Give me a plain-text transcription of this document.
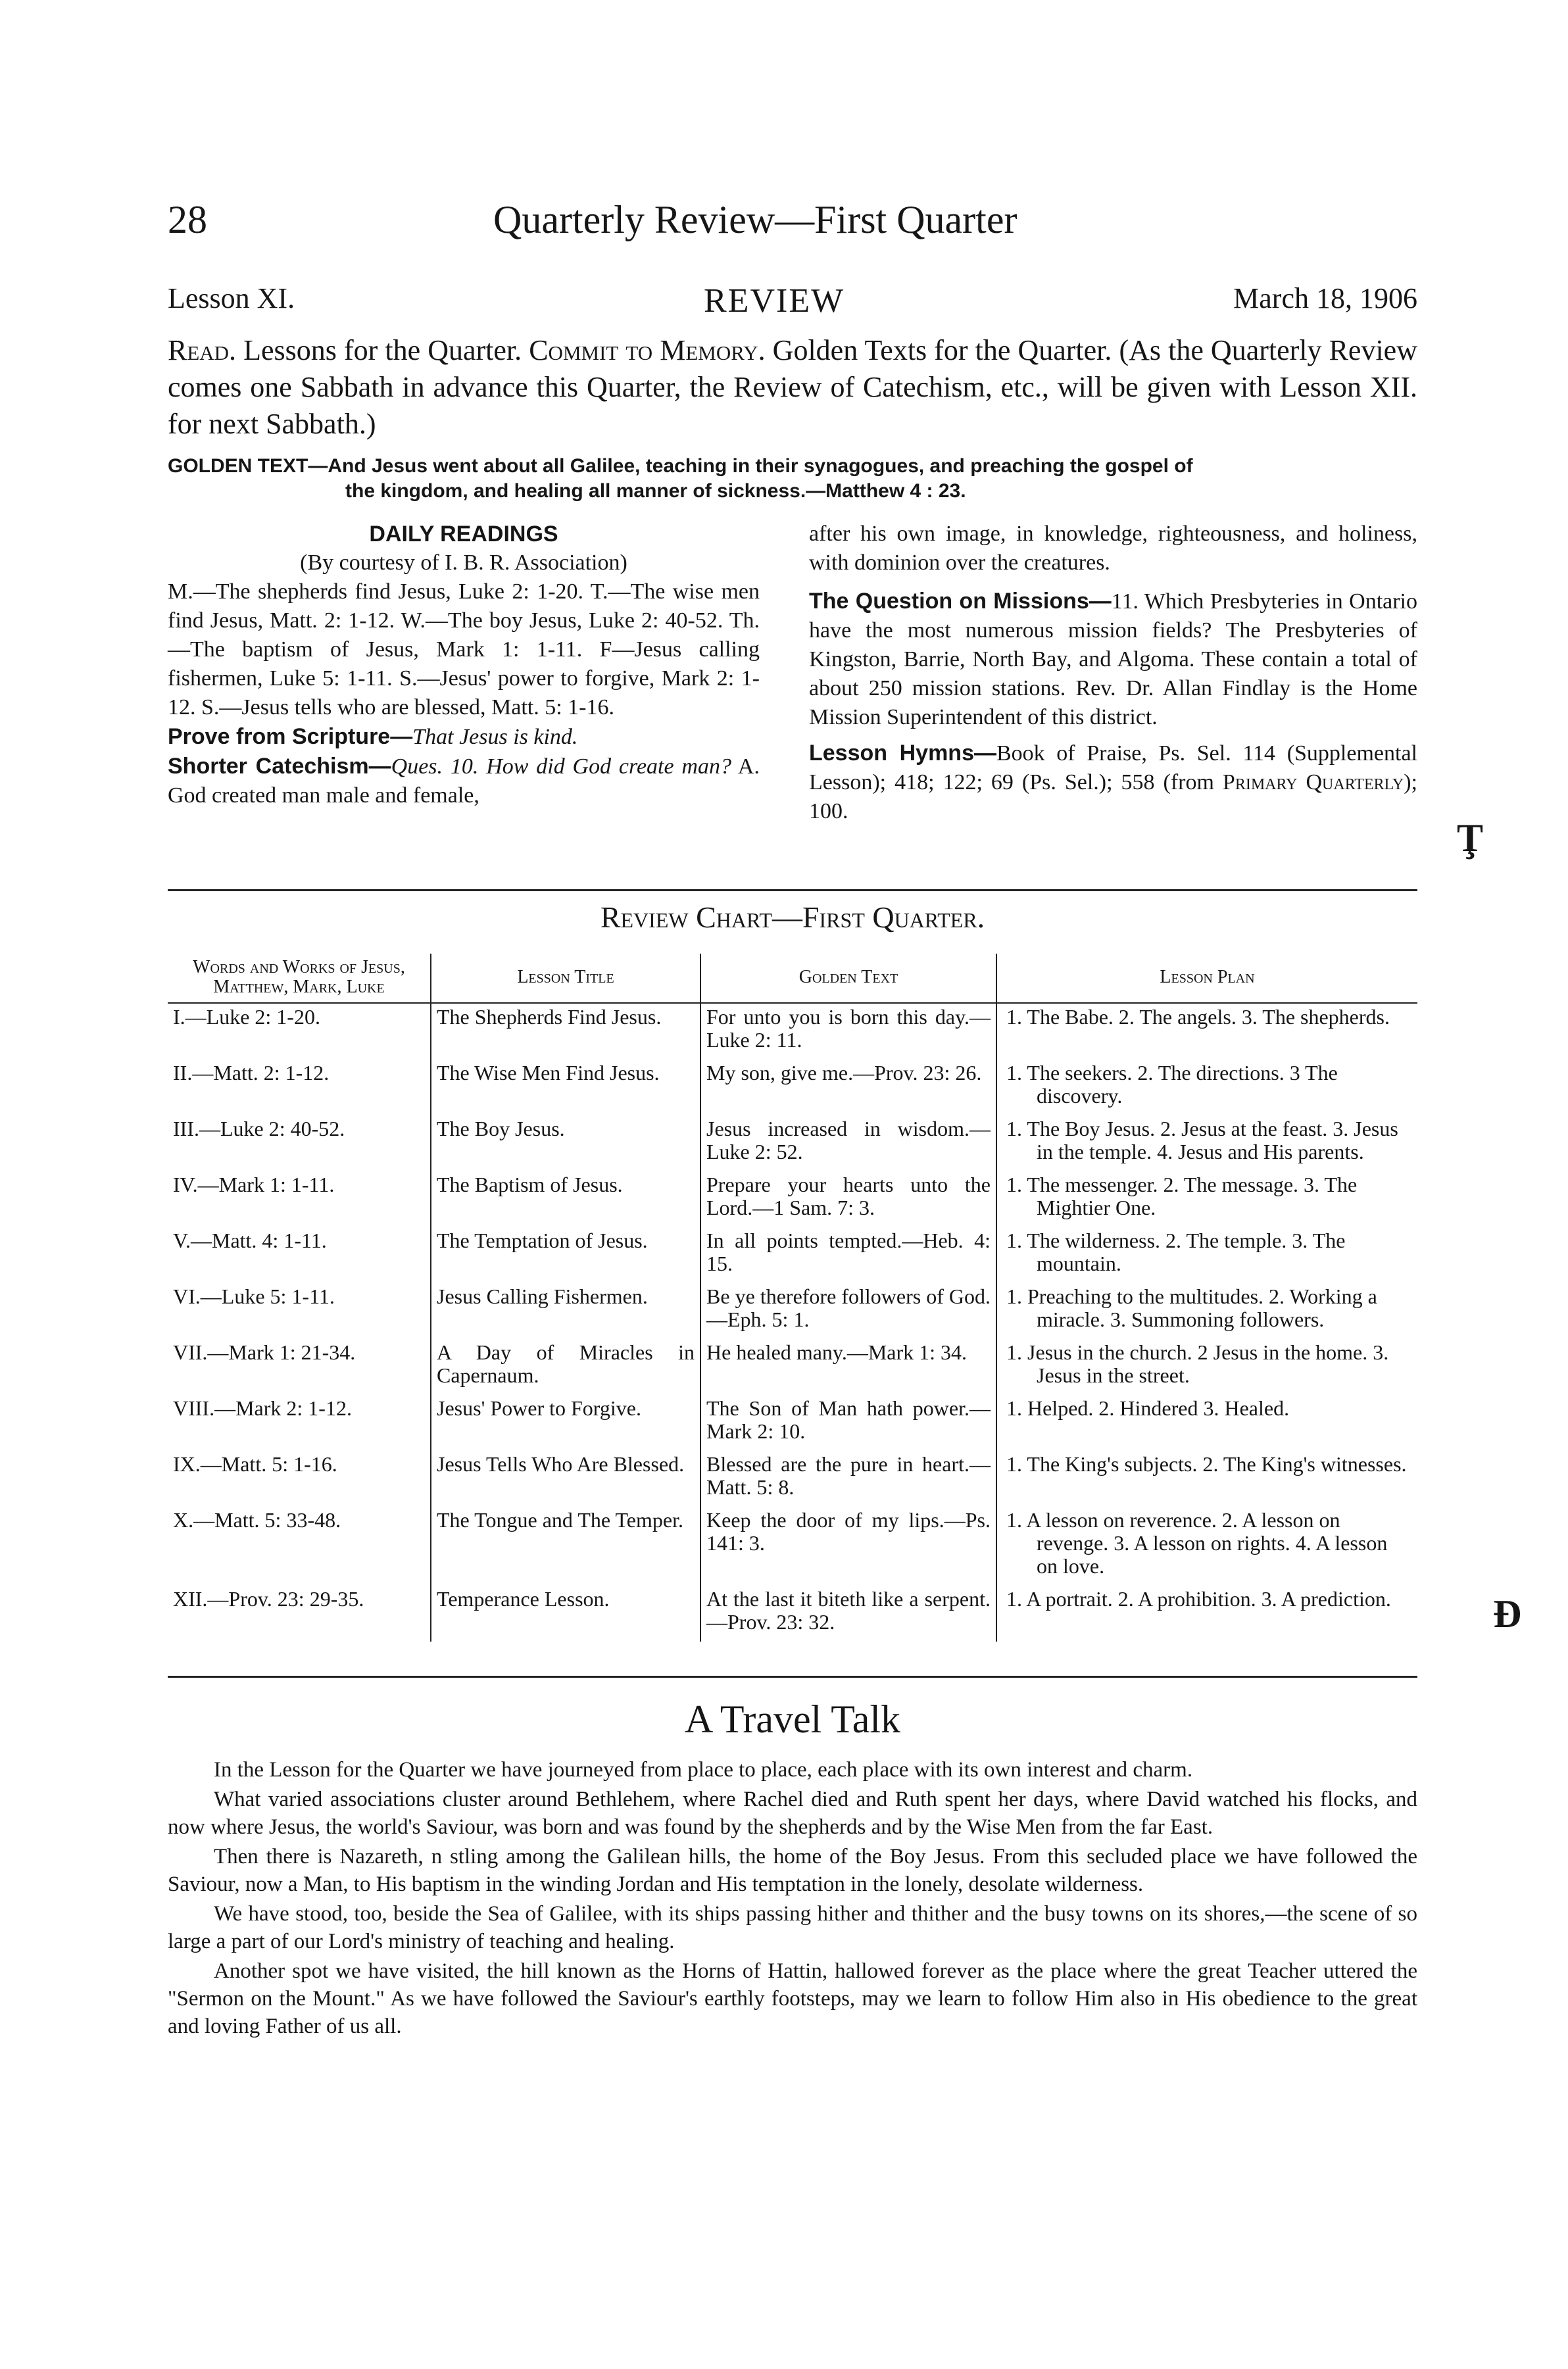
28	Quarterly Review—First Quarter
Lesson XI.	REVIEW	March 18, 1906
Read. Lessons for the Quarter. Commit to Memory. Golden Texts for the Quarter. (As the Quarterly Review comes one Sabbath in advance this Quarter, the Review of Catechism, etc., will be given with Lesson XII. for next Sabbath.)
GOLDEN TEXT—And Jesus went about all Galilee, teaching in their synagogues, and preaching the gospel of
the kingdom, and healing all manner of sickness.—Matthew 4 : 23.
DAILY READINGS
(By courtesy of I. B. R. Association)
M.—The shepherds find Jesus, Luke 2: 1-20. T.—The wise men find Jesus, Matt. 2: 1-12. W.—The boy Jesus, Luke 2: 40-52. Th.—The baptism of Jesus, Mark 1: 1-11. F—Jesus calling fishermen, Luke 5: 1-11. S.—Jesus' power to forgive, Mark 2: 1-12. S.—Jesus tells who are blessed, Matt. 5: 1-16.
Prove from Scripture—That Jesus is kind.
Shorter Catechism—Ques. 10. How did God create man? A. God created man male and female,
after his own image, in knowledge, righteousness, and holiness, with dominion over the creatures.
The Question on Missions—11. Which Presbyteries in Ontario have the most numerous mission fields? The Presbyteries of Kingston, Barrie, North Bay, and Algoma. These contain a total of about 250 mission stations. Rev. Dr. Allan Findlay is the Home Mission Superintendent of this district.
Lesson Hymns—Book of Praise, Ps. Sel. 114 (Supplemental Lesson); 418; 122; 69 (Ps. Sel.); 558 (from Primary Quarterly); 100.
Review Chart—First Quarter.
Words and Works of Jesus, Matthew, Mark, Luke	Lesson Title	Golden Text	Lesson Plan
I.—Luke 2: 1-20.	The Shepherds Find Jesus.	For unto you is born this day.—Luke 2: 11.	1. The Babe. 2. The angels. 3. The shepherds.
II.—Matt. 2: 1-12.	The Wise Men Find Jesus.	My son, give me.—Prov. 23: 26.	1. The seekers. 2. The directions. 3 The discovery.
III.—Luke 2: 40-52.	The Boy Jesus.	Jesus increased in wisdom.—Luke 2: 52.	1. The Boy Jesus. 2. Jesus at the feast. 3. Jesus in the temple. 4. Jesus and His parents.
IV.—Mark 1: 1-11.	The Baptism of Jesus.	Prepare your hearts unto the Lord.—1 Sam. 7: 3.	1. The messenger. 2. The message. 3. The Mightier One.
V.—Matt. 4: 1-11.	The Temptation of Jesus.	In all points tempted.—Heb. 4: 15.	1. The wilderness. 2. The temple. 3. The mountain.
VI.—Luke 5: 1-11.	Jesus Calling Fishermen.	Be ye therefore followers of God.—Eph. 5: 1.	1. Preaching to the multitudes. 2. Working a miracle. 3. Summoning followers.
VII.—Mark 1: 21-34.	A Day of Miracles in Capernaum.	He healed many.—Mark 1: 34.	1. Jesus in the church. 2 Jesus in the home. 3. Jesus in the street.
VIII.—Mark 2: 1-12.	Jesus' Power to Forgive.	The Son of Man hath power.—Mark 2: 10.	1. Helped. 2. Hindered 3. Healed.
IX.—Matt. 5: 1-16.	Jesus Tells Who Are Blessed.	Blessed are the pure in heart.—Matt. 5: 8.	1. The King's subjects. 2. The King's witnesses.
X.—Matt. 5: 33-48.	The Tongue and The Temper.	Keep the door of my lips.—Ps. 141: 3.	1. A lesson on reverence. 2. A lesson on revenge. 3. A lesson on rights. 4. A lesson on love.
XII.—Prov. 23: 29-35.	Temperance Lesson.	At the last it biteth like a serpent.—Prov. 23: 32.	1. A portrait. 2. A prohibition. 3. A prediction.
A Travel Talk

In the Lesson for the Quarter we have journeyed from place to place, each place with its own interest and charm.

What varied associations cluster around Bethlehem, where Rachel died and Ruth spent her days, where David watched his flocks, and now where Jesus, the world's Saviour, was born and was found by the shepherds and by the Wise Men from the far East.

Then there is Nazareth, n stling among the Galilean hills, the home of the Boy Jesus. From this secluded place we have followed the Saviour, now a Man, to His baptism in the winding Jordan and His temptation in the lonely, desolate wilderness.

We have stood, too, beside the Sea of Galilee, with its ships passing hither and thither and the busy towns on its shores,—the scene of so large a part of our Lord's ministry of teaching and healing.

Another spot we have visited, the hill known as the Horns of Hattin, hallowed forever as the place where the great Teacher uttered the "Sermon on the Mount." As we have followed the Saviour's earthly footsteps, may we learn to follow Him also in His obedience to the great and loving Father of us all.

Ţ
Ð
